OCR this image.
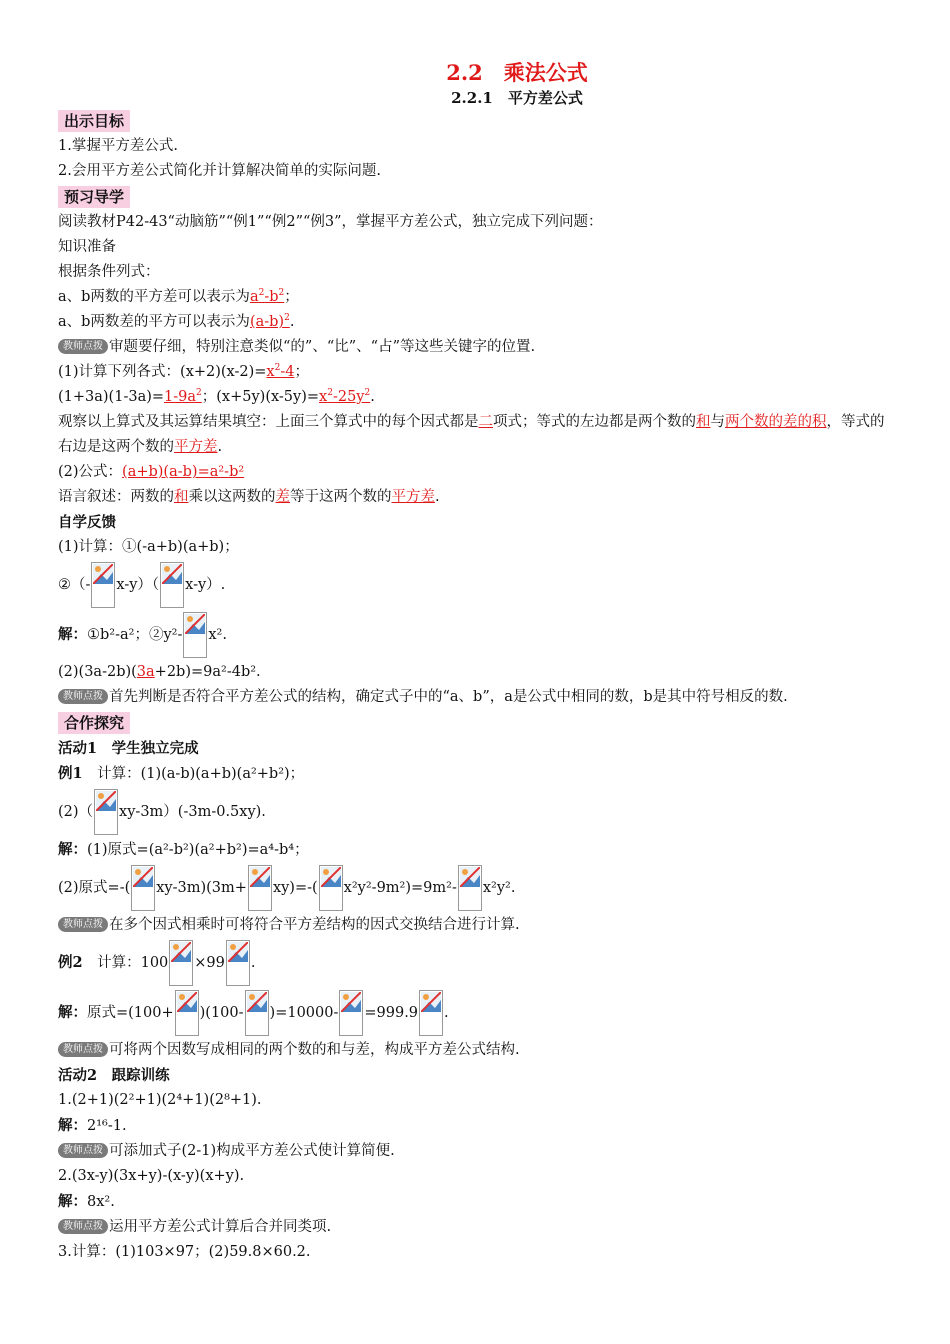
2.2　乘法公式
2.2.1　平方差公式
出示目标
1.掌握平方差公式.
2.会用平方差公式简化并计算解决简单的实际问题.
预习导学
阅读教材P42-43“动脑筋”“例1”“例2”“例3”，掌握平方差公式，独立完成下列问题：
知识准备
根据条件列式：
a、b两数的平方差可以表示为$a^2-b^2$；
a、b两数差的平方可以表示为$(a-b)^2$.
教师点拨 审题要仔细，特别注意类似“的”、“比”、“占”等这些关键字的位置.
(1)计算下列各式：$(x+2)(x-2)=x^2-4$；
$(1+3a)(1-3a)=1-9a^2$；$(x+5y)(x-5y)=x^2-25y^2$.
观察以上算式及其运算结果填空：上面三个算式中的每个因式都是二项式；等式的左边都是两个数的和与两个数的差的积，等式的右边是这两个数的平方差.
(2)公式：(a+b)(a-b)=a²-b²
语言叙述：两数的和乘以这两数的差等于这两个数的平方差.
自学反馈
(1)计算：①(-a+b)(a+b)；
②（- x-y）（ x-y）.
解：①b²-a²；②y²- x².
(2)(3a-2b)(3a+2b)=9a²-4b².
教师点拨 首先判断是否符合平方差公式的结构，确定式子中的“a、b”，a是公式中相同的数，b是其中符号相反的数.
合作探究
活动1　学生独立完成
例1　 计算：(1)(a-b)(a+b)(a²+b²)；
(2)（ xy-3m）(-3m-0.5xy).
解：(1)原式=(a²-b²)(a²+b²)=a⁴-b⁴；
(2)原式=-( xy-3m)(3m+ xy)=-( x²y²-9m²)=9m²- x²y².
教师点拨 在多个因式相乘时可将符合平方差结构的因式交换结合进行计算.
例2　 计算：100 ×99 .
解：原式=(100+ )(100- )=10000- =999.9 .
教师点拨 可将两个因数写成相同的两个数的和与差，构成平方差公式结构.
活动2　跟踪训练
1.(2+1)(2²+1)(2⁴+1)(2⁸+1).
解：2¹⁶-1.
教师点拨 可添加式子(2-1)构成平方差公式使计算简便.
2.(3x-y)(3x+y)-(x-y)(x+y).
解：8x².
教师点拨 运用平方差公式计算后合并同类项.
3.计算：(1)103×97；(2)59.8×60.2.
